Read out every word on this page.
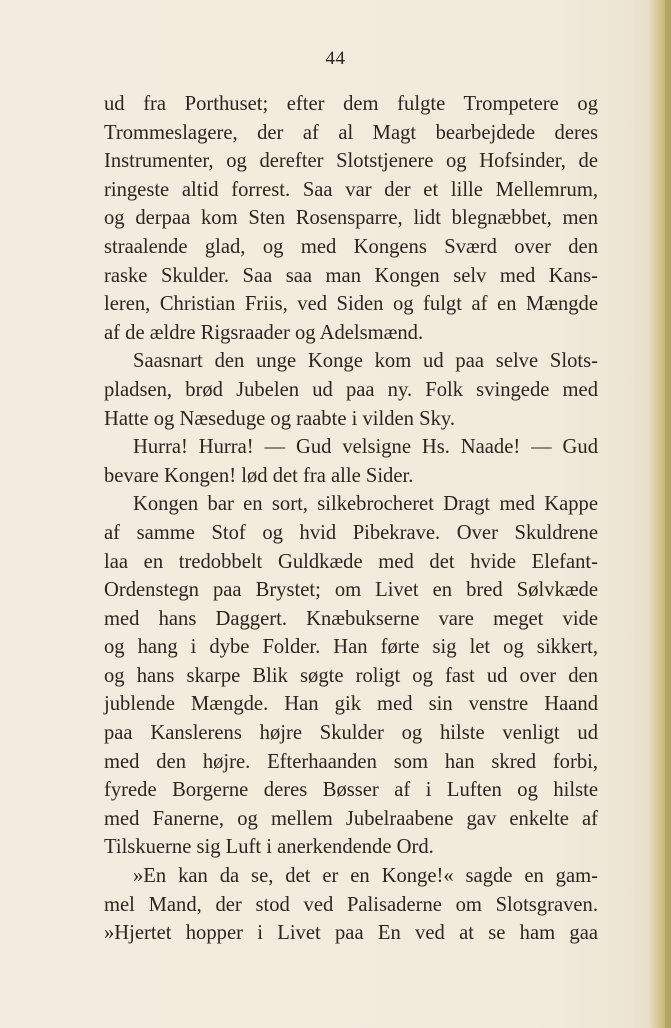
44
ud fra Porthuset; efter dem fulgte Trompetere og
Trommeslagere, der af al Magt bearbejdede deres
Instrumenter, og derefter Slotstjenere og Hofsinder, de
ringeste altid forrest. Saa var der et lille Mellemrum,
og derpaa kom Sten Rosensparre, lidt blegnæbbet, men
straalende glad, og med Kongens Sværd over den
raske Skulder. Saa saa man Kongen selv med Kans-
leren, Christian Friis, ved Siden og fulgt af en Mængde
af de ældre Rigsraader og Adelsmænd.
Saasnart den unge Konge kom ud paa selve Slots-
pladsen, brød Jubelen ud paa ny. Folk svingede med
Hatte og Næseduge og raabte i vilden Sky.
Hurra! Hurra! — Gud velsigne Hs. Naade! — Gud
bevare Kongen! lød det fra alle Sider.
Kongen bar en sort, silkebrocheret Dragt med Kappe
af samme Stof og hvid Pibekrave. Over Skuldrene
laa en tredobbelt Guldkæde med det hvide Elefant-
Ordenstegn paa Brystet; om Livet en bred Sølvkæde
med hans Daggert. Knæbukserne vare meget vide
og hang i dybe Folder. Han førte sig let og sikkert,
og hans skarpe Blik søgte roligt og fast ud over den
jublende Mængde. Han gik med sin venstre Haand
paa Kanslerens højre Skulder og hilste venligt ud
med den højre. Efterhaanden som han skred forbi,
fyrede Borgerne deres Bøsser af i Luften og hilste
med Fanerne, og mellem Jubelraabene gav enkelte af
Tilskuerne sig Luft i anerkendende Ord.
»En kan da se, det er en Konge!« sagde en gam-
mel Mand, der stod ved Palisaderne om Slotsgraven.
»Hjertet hopper i Livet paa En ved at se ham gaa
